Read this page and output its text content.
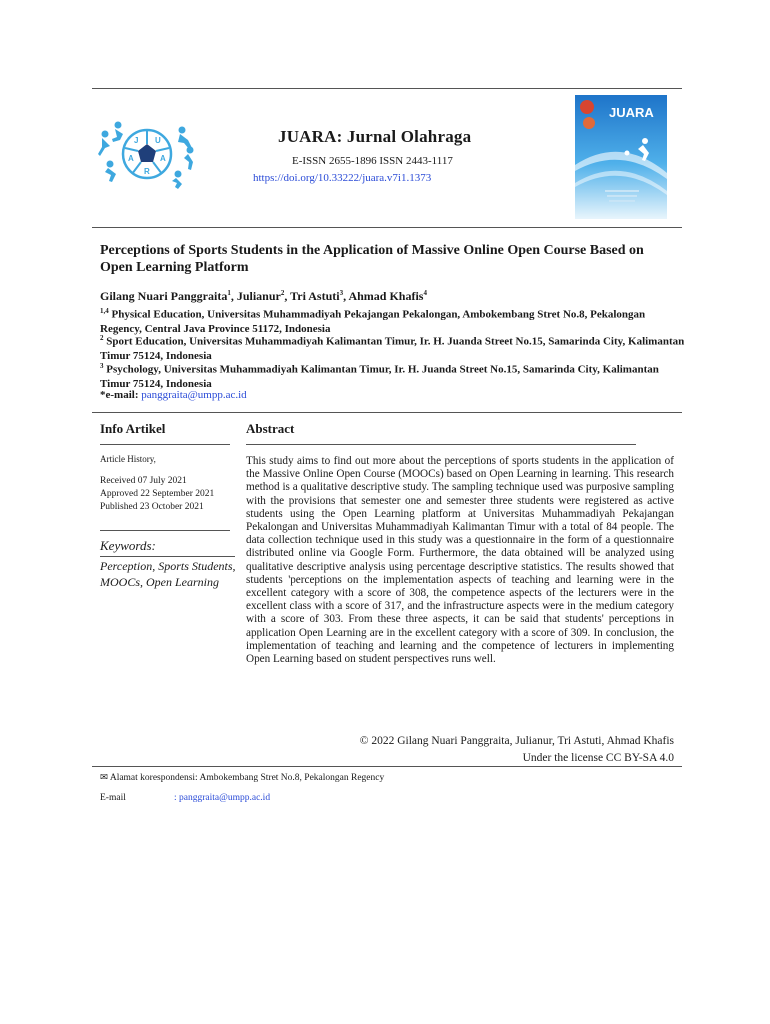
J U
A
R
A
JUARA: Jurnal Olahraga
E-ISSN 2655-1896 ISSN 2443-1117
https://doi.org/10.33222/juara.v7i1.1373
JUARA
Perceptions of Sports Students in the Application of Massive Online Open Course Based on Open Learning Platform
Gilang Nuari Panggraita$^1$, Julianur$^2$, Tri Astuti$^3$, Ahmad Khafis$^4$
$^{1,4}$ Physical Education, Universitas Muhammadiyah Pekajangan Pekalongan, Ambokembang Stret No.8, Pekalongan Regency, Central Java Province 51172, Indonesia
$^2$ Sport Education, Universitas Muhammadiyah Kalimantan Timur, Ir. H. Juanda Street No.15, Samarinda City, Kalimantan Timur 75124, Indonesia
$^3$ Psychology, Universitas Muhammadiyah Kalimantan Timur, Ir. H. Juanda Street No.15, Samarinda City, Kalimantan Timur 75124, Indonesia
*e-mail: panggraita@umpp.ac.id
Info Artikel
Article History,
Received 07 July 2021
Approved 22 September 2021
Published 23 October 2021
Keywords:
Perception, Sports Students, MOOCs, Open Learning
Abstract
This study aims to find out more about the perceptions of sports students in the application of the Massive Online Open Course (MOOCs) based on Open Learning in learning. This research method is a qualitative descriptive study. The sampling technique used was purposive sampling with the provisions that semester one and semester three students were registered as active students using the Open Learning platform at Universitas Muhammadiyah Pekajangan Pekalongan and Universitas Muhammadiyah Kalimantan Timur with a total of 84 people. The data collection technique used in this study was a questionnaire in the form of a questionnaire distributed online via Google Form. Furthermore, the data obtained will be analyzed using qualitative descriptive analysis using percentage descriptive statistics. The results showed that students 'perceptions on the implementation aspects of teaching and learning were in the excellent category with a score of 308, the competence aspects of the lecturers were in the excellent class with a score of 317, and the infrastructure aspects were in the medium category with a score of 303. From these three aspects, it can be said that students' perceptions in application Open Learning are in the excellent category with a score of 309. In conclusion, the implementation of teaching and learning and the competence of lecturers in implementing Open Learning based on student perspectives runs well.
© 2022 Gilang Nuari Panggraita, Julianur, Tri Astuti, Ahmad Khafis
Under the license CC BY-SA 4.0
✉ Alamat korespondensi: Ambokembang Stret No.8, Pekalongan Regency
E-mail	: panggraita@umpp.ac.id
